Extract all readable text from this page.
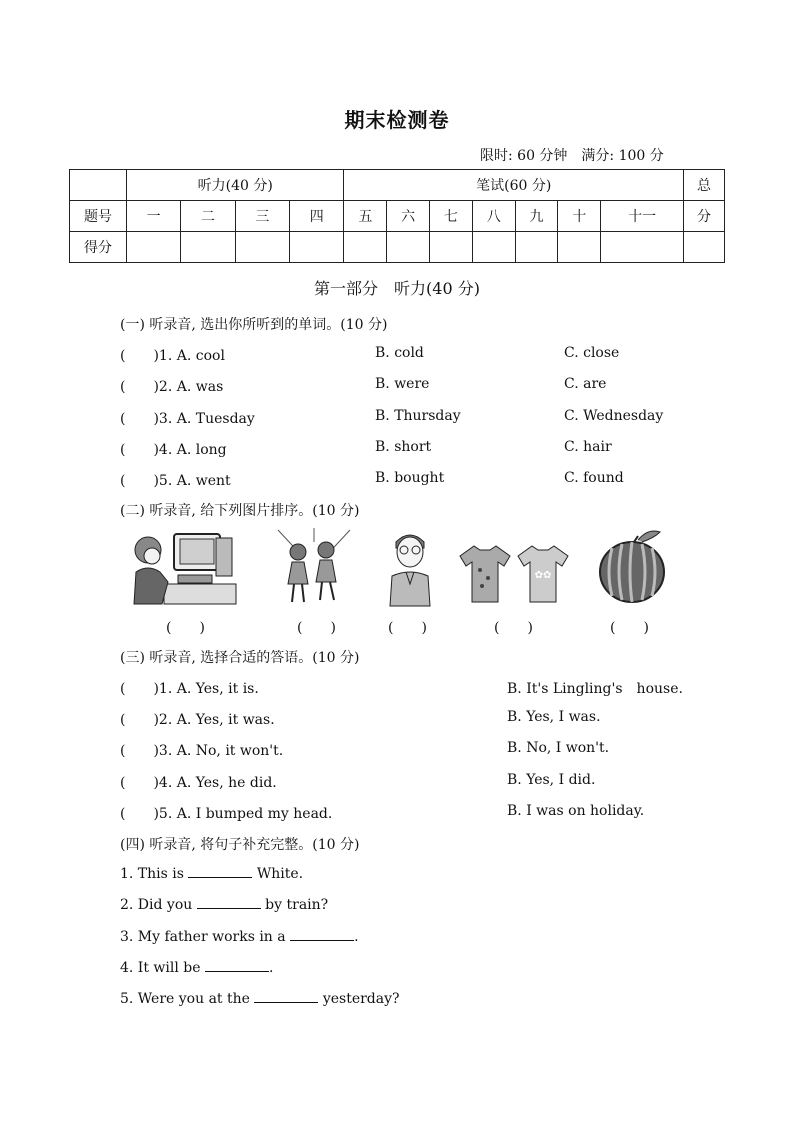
期末检测卷
限时: 60 分钟　满分: 100 分
	听力(40 分)				笔试(60 分)							总
题号	一	二	三	四	五	六	七	八	九	十	十一	分
得分												
第一部分　听力(40 分)
(一) 听录音, 选出你所听到的单词。(10 分)
(　　)1. A. cool	B. cold	C. close
(　　)2. A. was	B. were	C. are
(　　)3. A. Tuesday	B. Thursday	C. Wednesday
(　　)4. A. long	B. short	C. hair
(　　)5. A. went	B. bought	C. found
(二) 听录音, 给下列图片排序。(10 分)
✿✿
(　　)	(　　)	(　　)	(　　)	(　　)
(三) 听录音, 选择合适的答语。(10 分)
(　　)1. A. Yes, it is.	B. It's Lingling's　house.
(　　)2. A. Yes, it was.	B. Yes, I was.
(　　)3. A. No, it won't.	B. No, I won't.
(　　)4. A. Yes, he did.	B. Yes, I did.
(　　)5. A. I bumped my head.	B. I was on holiday.
(四) 听录音, 将句子补充完整。(10 分)
1. This is	White.
2. Did you	by train?
3. My father works in a	.
4. It will be	.
5. Were you at the	yesterday?
